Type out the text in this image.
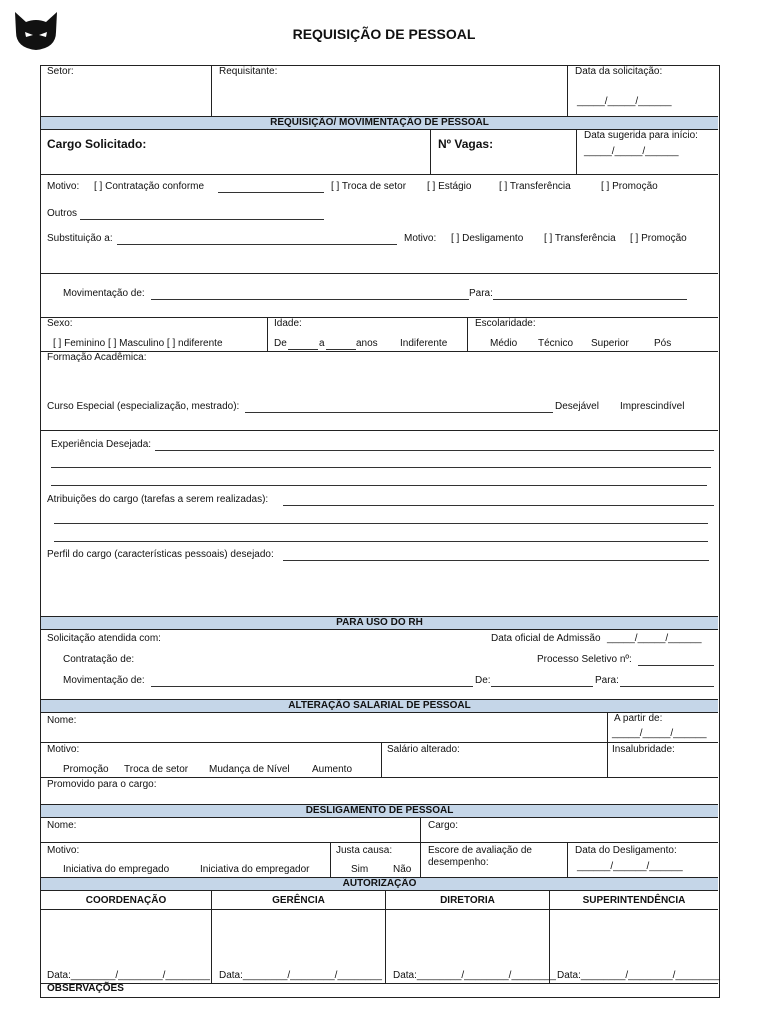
REQUISIÇÃO DE PESSOAL
Setor:	Requisitante:	Data da solicitação:
_____/_____/______
REQUISIÇÃO/ MOVIMENTAÇÃO DE PESSOAL
Cargo Solicitado:	Nº Vagas:
Data sugerida para início:
_____/_____/______
Motivo: [ ] Contratação conforme	[ ] Troca de setor [ ] Estágio	[ ] Transferência	[ ] Promoção
Outros
Substituição a:	Motivo: [ ] Desligamento [ ] Transferência [ ] Promoção
Movimentação de:	Para:
Sexo:
[ ] Feminino [ ] Masculino [ ] ndiferente
Idade:
De	a	anos Indiferente
Escolaridade:
Médio Técnico Superior	Pós
Formação Acadêmica:
Curso Especial (especialização, mestrado):	Desejável Imprescindível
Experiência Desejada:
Atribuições do cargo (tarefas a serem realizadas):
Perfil do cargo (características pessoais) desejado:
PARA USO DO RH
Solicitação atendida com:	Data oficial de Admissão _____/_____/______
Contratação de:	Processo Seletivo nº:
Movimentação de:	De:	Para:
ALTERAÇÃO SALARIAL DE PESSOAL
Nome:	A partir de:
_____/_____/______
Motivo:
Promoção Troca de setor Mudança de Nível Aumento
Salário alterado:	Insalubridade:
Promovido para o cargo:
DESLIGAMENTO DE PESSOAL
Nome:	Cargo:
Motivo:
Iniciativa do empregado	Iniciativa do empregador
Justa causa:
Sim Não
Escore de avaliação de
desempenho:
Data do Desligamento:
______/______/______
AUTORIZAÇÃO
COORDENAÇÃO	GERÊNCIA	DIRETORIA	SUPERINTENDÊNCIA
Data:________/________/________ Data:________/________/________ Data:________/________/________ Data:________/________/________
OBSERVAÇÕES
